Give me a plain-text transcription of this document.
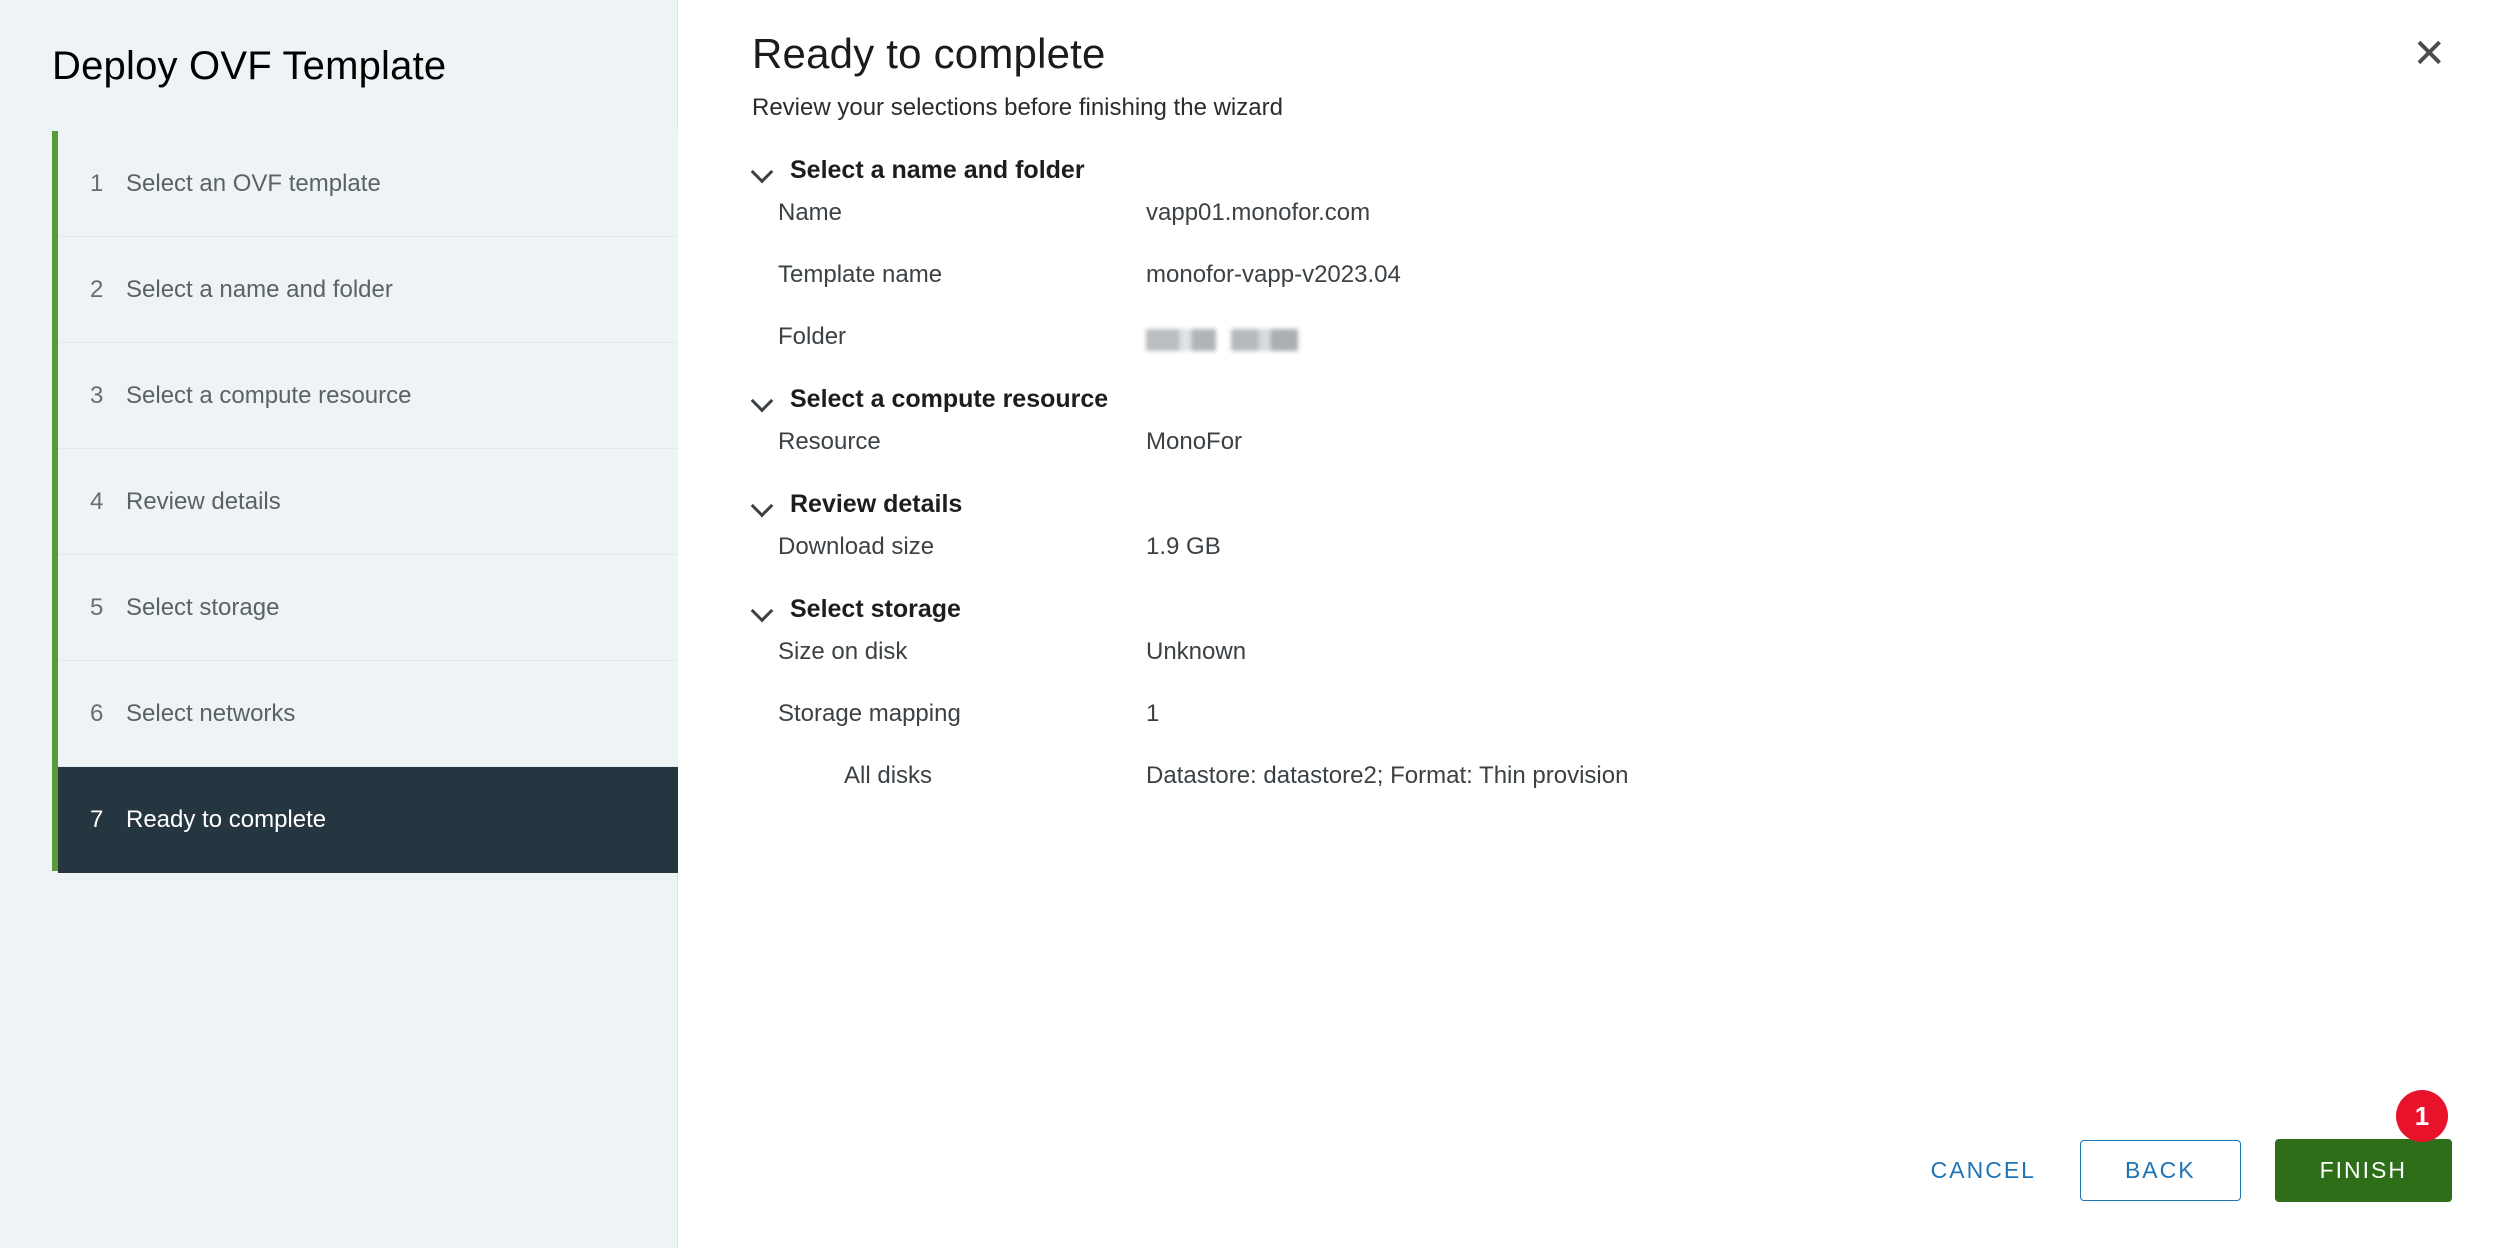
Deploy OVF Template
1 Select an OVF template
2 Select a name and folder
3 Select a compute resource
4 Review details
5 Select storage
6 Select networks
7 Ready to complete
Ready to complete	✕
Review your selections before finishing the wizard
Select a name and folder
Name	vapp01.monofor.com
Template name	monofor-vapp-v2023.04
Folder
Select a compute resource
Resource	MonoFor
Review details
Download size	1.9 GB
Select storage
Size on disk	Unknown
Storage mapping	1
All disks	Datastore: datastore2; Format: Thin provision
1
CANCEL	BACK	FINISH
